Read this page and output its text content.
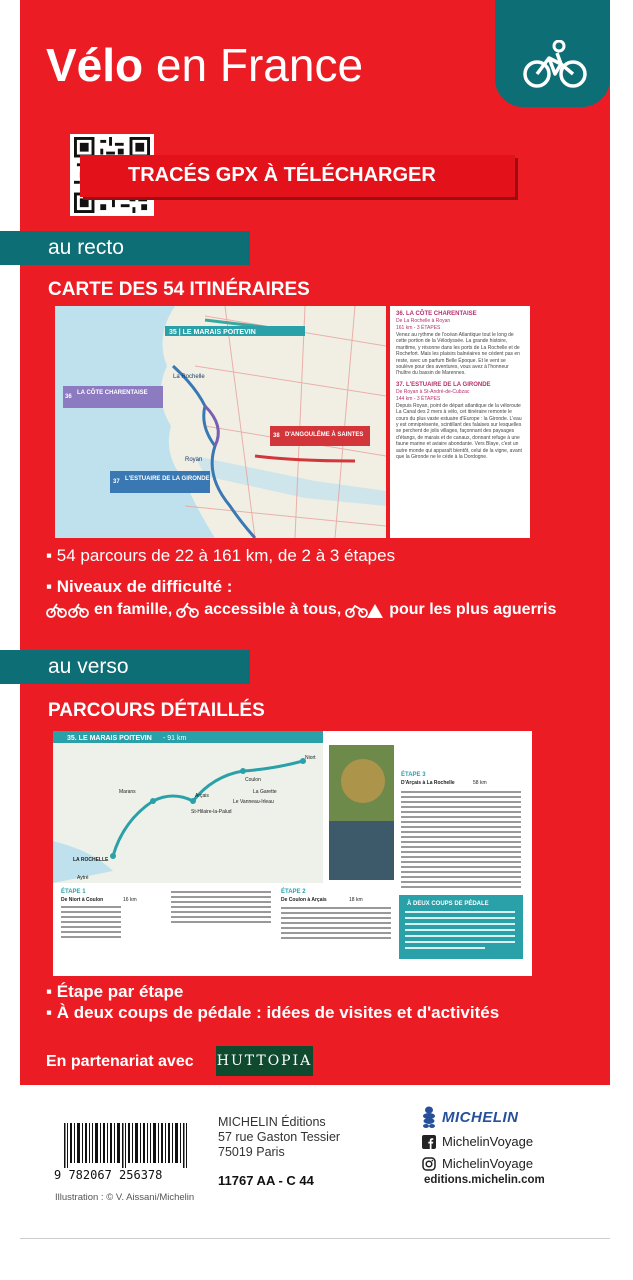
Vélo en France
TRACÉS GPX À TÉLÉCHARGER
au recto
CARTE DES 54 ITINÉRAIRES
35 | LE MARAIS POITEVIN
36
LA CÔTE CHARENTAISE
37 L'ESTUAIRE DE LA GIRONDE
38 D'ANGOULÊME À SAINTES
La Rochelle
Royan
36. LA CÔTE CHARENTAISE
De La Rochelle à Royan
161 km - 3 ÉTAPES
Venez au rythme de l'océan Atlantique tout le long de cette portion de la Vélodyssée. La grande histoire, maritime, y résonne dans les ports de La Rochelle et de Rochefort. Mais les plaisirs balnéaires ne cèdent pas en reste, avec un parfum Belle Époque. Et le vent se soulève pour des aventures, vous avez à l'honneur l'huître du bassin de Marennes.
37. L'ESTUAIRE DE LA GIRONDE
De Royan à St-André-de-Cubzac
144 km - 3 ÉTAPES
Depuis Royan, point de départ atlantique de la véloroute La Canal des 2 mers à vélo, cet itinéraire remonte le cours du plus vaste estuaire d'Europe : la Gironde. L'eau y est omniprésente, scintillant des falaises sur lesquelles se perchent de jolis villages, façonnant des paysages d'étangs, de marais et de canaux, donnant refuge à une faune marine et aviaire abondante. Vers Blaye, c'est un autre monde qui apparaît bientôt, celui de la vigne, avant que la Gironde ne le cède à la Dordogne.
▪ 54 parcours de 22 à 161 km, de 2 à 3 étapes
▪ Niveaux de difficulté :
en famille, accessible à tous,	pour les plus aguerris
au verso
PARCOURS DÉTAILLÉS
35. LE MARAIS POITEVIN - 91 km
Niort
Coulon
Arçais
Marans	La Garette
Le Vanneau-Irleau
St-Hilaire-la-Palud
LA ROCHELLE
Aytré
ÉTAPE 1
De Niort à Coulon	16 km
ÉTAPE 2
De Coulon à Arçais	18 km
ÉTAPE 3
D'Arçais à La Rochelle	58 km
À DEUX COUPS DE PÉDALE
▪ Étape par étape
▪ À deux coups de pédale : idées de visites et d'activités
En partenariat avec HUTTOPIA
9 782067 256378
MICHELIN Éditions
57 rue Gaston Tessier
75019 Paris
11767 AA - C 44
Illustration : © V. Aissani/Michelin
MICHELIN
MichelinVoyage
MichelinVoyage
editions.michelin.com
